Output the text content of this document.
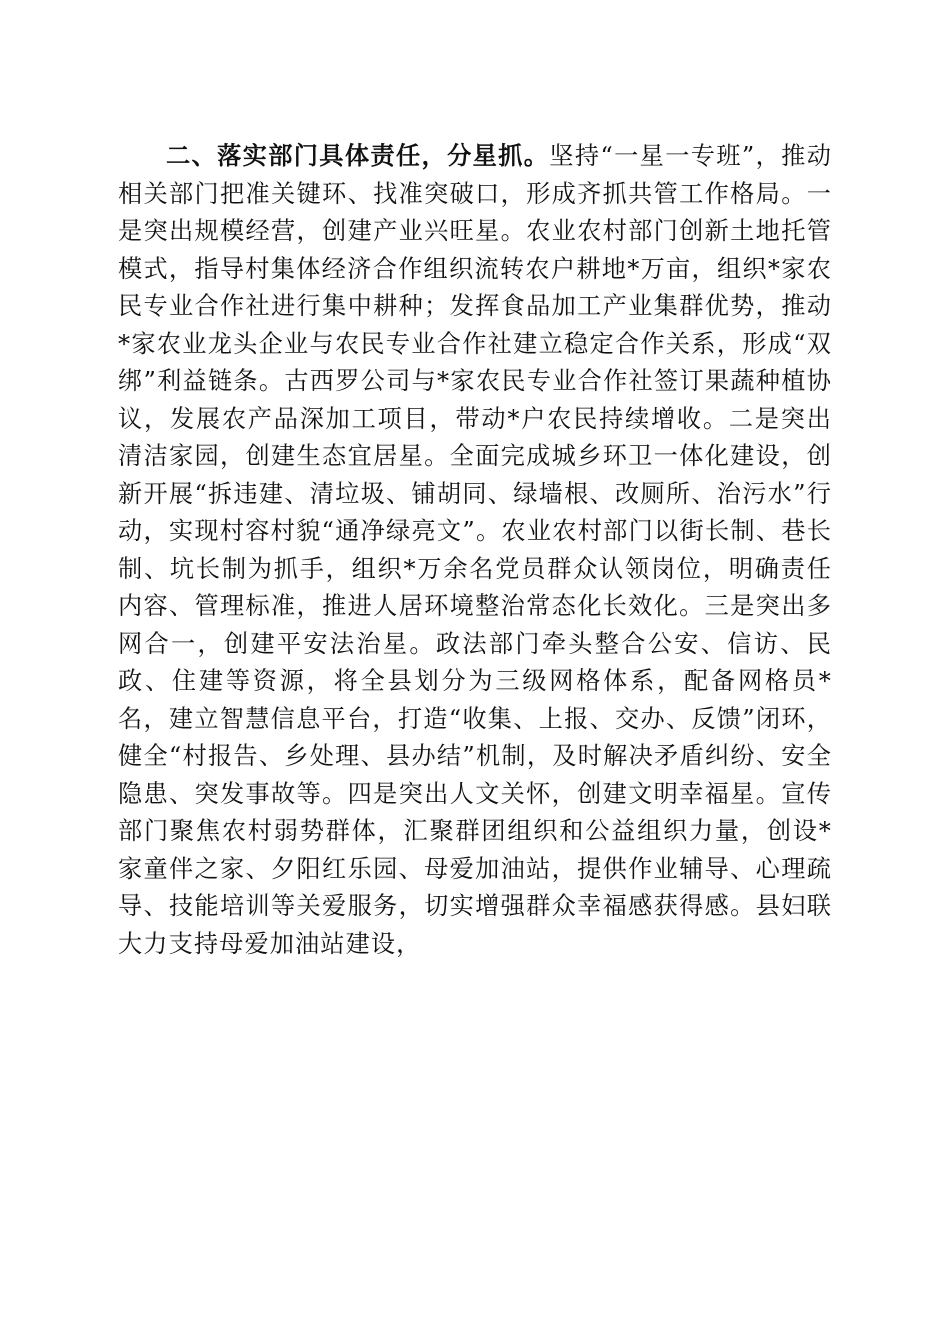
二、落实部门具体责任，分星抓。坚持“一星一专班”，推动相关部门把准关键环、找准突破口，形成齐抓共管工作格局。一是突出规模经营，创建产业兴旺星。农业农村部门创新土地托管模式，指导村集体经济合作组织流转农户耕地*万亩，组织*家农民专业合作社进行集中耕种；发挥食品加工产业集群优势，推动*家农业龙头企业与农民专业合作社建立稳定合作关系，形成“双绑”利益链条。古西罗公司与*家农民专业合作社签订果蔬种植协议，发展农产品深加工项目，带动*户农民持续增收。二是突出清洁家园，创建生态宜居星。全面完成城乡环卫一体化建设，创新开展“拆违建、清垃圾、铺胡同、绿墙根、改厕所、治污水”行动，实现村容村貌“通净绿亮文”。农业农村部门以街长制、巷长制、坑长制为抓手，组织*万余名党员群众认领岗位，明确责任内容、管理标准，推进人居环境整治常态化长效化。三是突出多网合一，创建平安法治星。政法部门牵头整合公安、信访、民政、住建等资源，将全县划分为三级网格体系，配备网格员*名，建立智慧信息平台，打造“收集、上报、交办、反馈”闭环，健全“村报告、乡处理、县办结”机制，及时解决矛盾纠纷、安全隐患、突发事故等。四是突出人文关怀，创建文明幸福星。宣传部门聚焦农村弱势群体，汇聚群团组织和公益组织力量，创设*家童伴之家、夕阳红乐园、母爱加油站，提供作业辅导、心理疏导、技能培训等关爱服务，切实增强群众幸福感获得感。县妇联大力支持母爱加油站建设，
